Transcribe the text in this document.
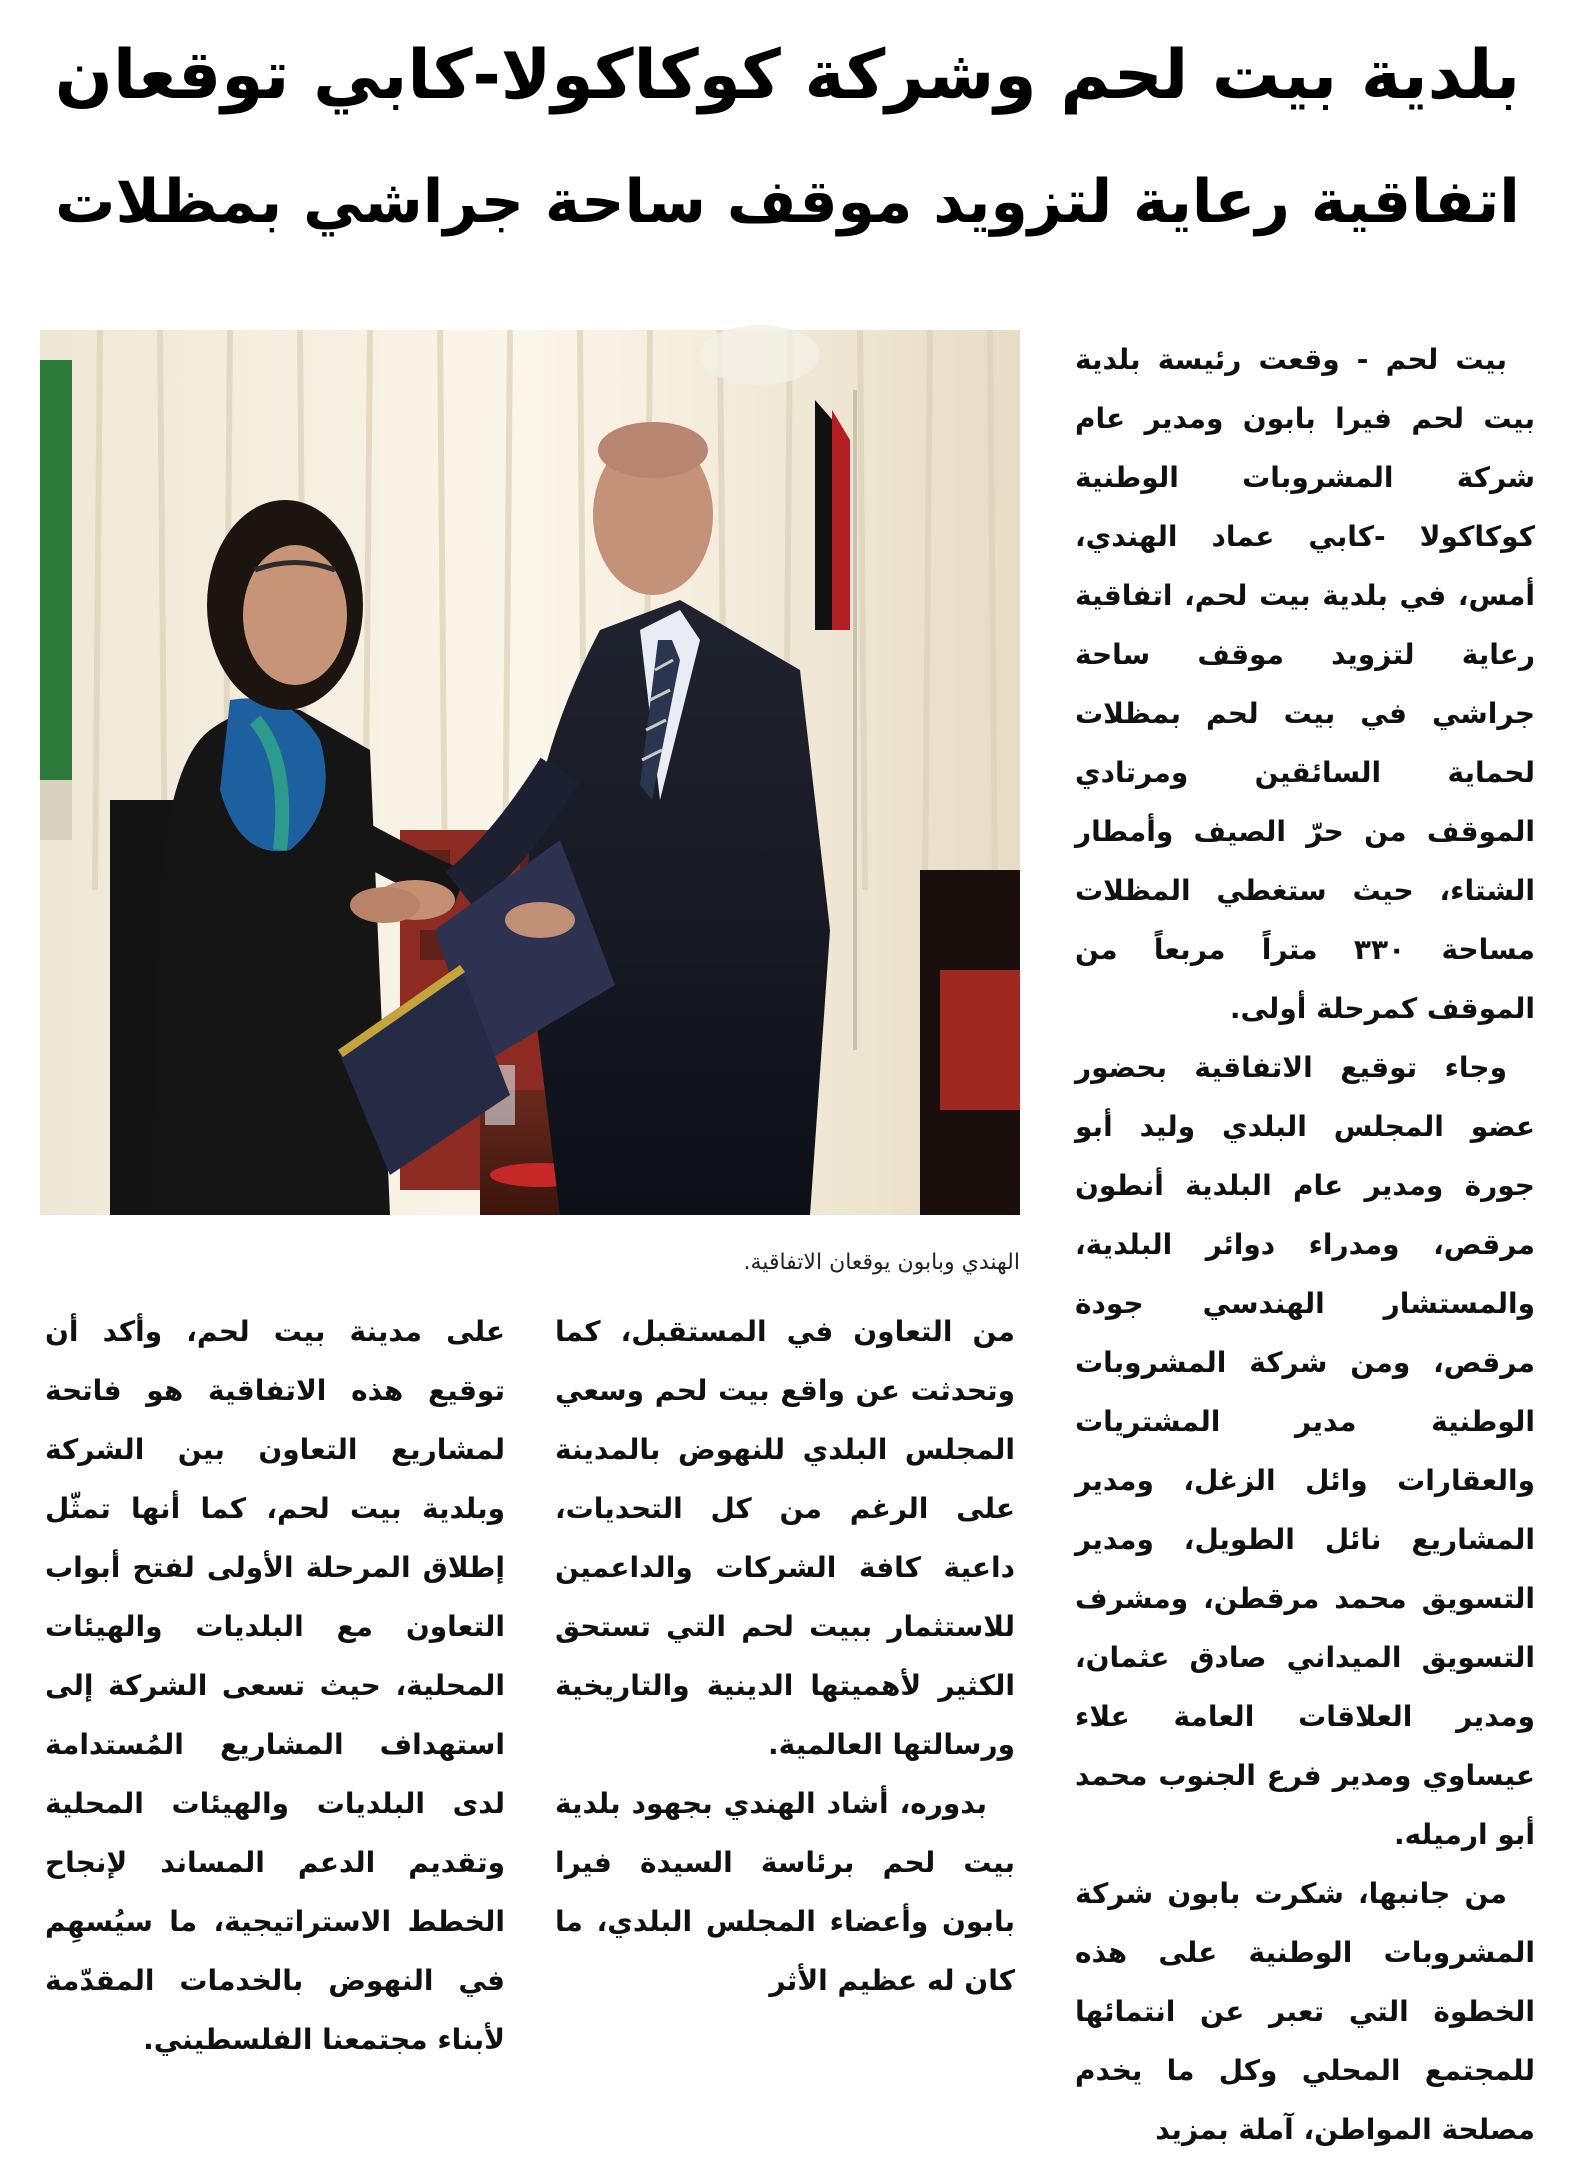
بلدية بيت لحم وشركة كوكاكولا-كابي توقعان
اتفاقية رعاية لتزويد موقف ساحة جراشي بمظلات
الهندي وبابون يوقعان الاتفاقية.

بيت لحم - وقعت رئيسة بلدية بيت لحم فيرا بابون ومدير عام شركة المشروبات الوطنية كوكاكولا -كابي عماد الهندي، أمس، في بلدية بيت لحم، اتفاقية رعاية لتزويد موقف ساحة جراشي في بيت لحم بمظلات لحماية السائقين ومرتادي الموقف من حرّ الصيف وأمطار الشتاء، حيث ستغطي المظلات مساحة ٣٣٠ متراً مربعاً من الموقف كمرحلة أولى.

وجاء توقيع الاتفاقية بحضور عضو المجلس البلدي وليد أبو جورة ومدير عام البلدية أنطون مرقص، ومدراء دوائر البلدية، والمستشار الهندسي جودة مرقص، ومن شركة المشروبات الوطنية مدير المشتريات والعقارات وائل الزغل، ومدير المشاريع نائل الطويل، ومدير التسويق محمد مرقطن، ومشرف التسويق الميداني صادق عثمان، ومدير العلاقات العامة علاء عيساوي ومدير فرع الجنوب محمد أبو ارميله.

من جانبها، شكرت بابون شركة المشروبات الوطنية على هذه الخطوة التي تعبر عن انتمائها للمجتمع المحلي وكل ما يخدم مصلحة المواطن، آملة بمزيد

من التعاون في المستقبل، كما وتحدثت عن واقع بيت لحم وسعي المجلس البلدي للنهوض بالمدينة على الرغم من كل التحديات، داعية كافة الشركات والداعمين للاستثمار ببيت لحم التي تستحق الكثير لأهميتها الدينية والتاريخية ورسالتها العالمية.

بدوره، أشاد الهندي بجهود بلدية بيت لحم برئاسة السيدة فيرا بابون وأعضاء المجلس البلدي، ما كان له عظيم الأثر

على مدينة بيت لحم، وأكد أن توقيع هذه الاتفاقية هو فاتحة لمشاريع التعاون بين الشركة وبلدية بيت لحم، كما أنها تمثّل إطلاق المرحلة الأولى لفتح أبواب التعاون مع البلديات والهيئات المحلية، حيث تسعى الشركة إلى استهداف المشاريع المُستدامة لدى البلديات والهيئات المحلية وتقديم الدعم المساند لإنجاح الخطط الاستراتيجية، ما سيُسهِم في النهوض بالخدمات المقدّمة لأبناء مجتمعنا الفلسطيني.
